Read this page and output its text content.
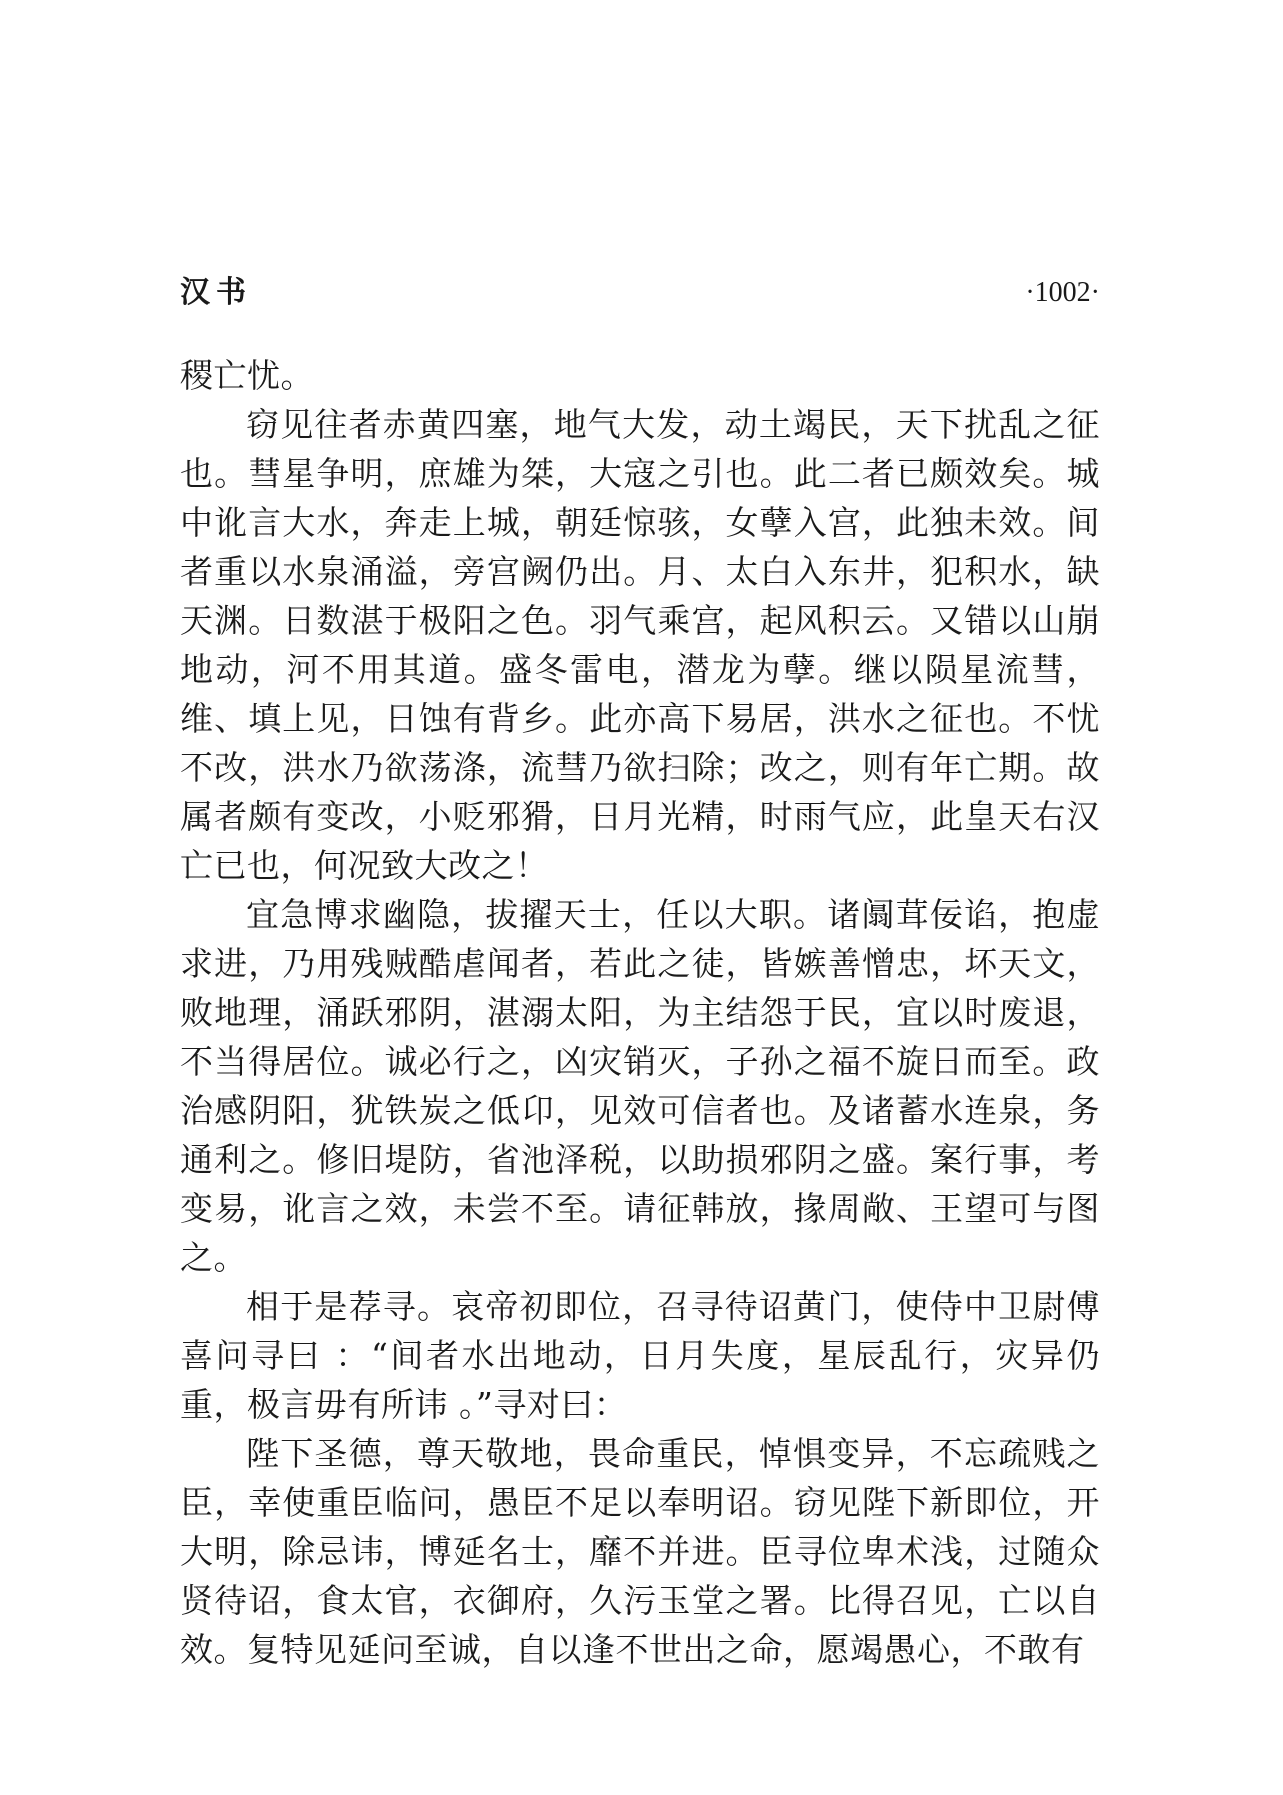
汉书	·1002·

稷亡忧。

窃见往者赤黄四塞，地气大发，动土竭民，天下扰乱之征也。彗星争明，庶雄为桀，大寇之引也。此二者已颇效矣。城中讹言大水，奔走上城，朝廷惊骇，女孽入宫，此独未效。间者重以水泉涌溢，旁宫阙仍出。月、太白入东井，犯积水，缺天渊。日数湛于极阳之色。羽气乘宫，起风积云。又错以山崩地动，河不用其道。盛冬雷电，潜龙为孽。继以陨星流彗，维、填上见，日蚀有背乡。此亦高下易居，洪水之征也。不忧不改，洪水乃欲荡涤，流彗乃欲扫除；改之，则有年亡期。故属者颇有变改，小贬邪猾，日月光精，时雨气应，此皇天右汉亡已也，何况致大改之！

宜急博求幽隐，拔擢天士，任以大职。诸阘茸佞谄，抱虚求进，乃用残贼酷虐闻者，若此之徒，皆嫉善憎忠，坏天文，败地理，涌跃邪阴，湛溺太阳，为主结怨于民，宜以时废退，不当得居位。诚必行之，凶灾销灭，子孙之福不旋日而至。政治感阴阳，犹铁炭之低卬，见效可信者也。及诸蓄水连泉，务通利之。修旧堤防，省池泽税，以助损邪阴之盛。案行事，考变易，讹言之效，未尝不至。请征韩放，掾周敞、王望可与图之。

相于是荐寻。哀帝初即位，召寻待诏黄门，使侍中卫尉傅喜问寻曰 ：“间者水出地动，日月失度，星辰乱行，灾异仍重，极言毋有所讳 。”寻对曰：

陛下圣德，尊天敬地，畏命重民，悼惧变异，不忘疏贱之臣，幸使重臣临问，愚臣不足以奉明诏。窃见陛下新即位，开大明，除忌讳，博延名士，靡不并进。臣寻位卑术浅，过随众贤待诏，食太官，衣御府，久污玉堂之署。比得召见，亡以自效。复特见延问至诚，自以逢不世出之命，愿竭愚心，不敢有
